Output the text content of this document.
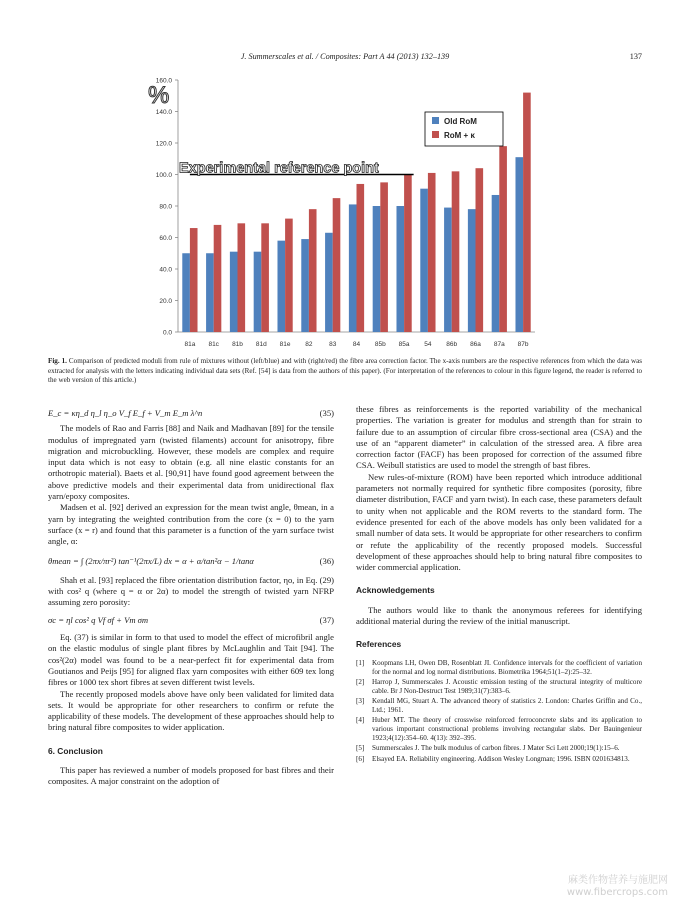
J. Summerscales et al. / Composites: Part A 44 (2013) 132–139	137
0.0
20.0
40.0
60.0
80.0
100.0
120.0
140.0
160.0
%
81a 81c 81b 81d 81e 82	83	84 85b 85a 54 86b 86a 87a 87b
Experimental reference point
Old RoM
RoM + κ
Fig. 1. Comparison of predicted moduli from rule of mixtures without (left/blue) and with (right/red) the fibre area correction factor. The x-axis numbers are the respective references from which the data was extracted for analysis with the letters indicating individual data sets (Ref. [54] is data from the authors of this paper). (For interpretation of the references to colour in this figure legend, the reader is referred to the web version of this article.)
E_c = κη_d η_l η_o V_f E_f + V_m E_m λ^n	(35)

The models of Rao and Farris [88] and Naik and Madhavan [89] for the tensile modulus of impregnated yarn (twisted filaments) account for anisotropy, fibre migration and microbuckling. However, these models are complex and require input data which is not easy to obtain (e.g. all nine elastic constants for an orthotropic material). Baets et al. [90,91] have found good agreement between the above predictive models and their experimental data from unidirectional flax yarn/epoxy composites.

Madsen et al. [92] derived an expression for the mean twist angle, θmean, in a yarn by integrating the weighted contribution from the core (x = 0) to the yarn surface (x = r) and found that this parameter is a function of the yarn surface twist angle, α:

θmean = ∫ (2πx/πr²) tan⁻¹(2πx/L) dx = α + α/tan²α − 1/tanα	(36)

Shah et al. [93] replaced the fibre orientation distribution factor, ηo, in Eq. (29) with cos² q (where q = α or 2α) to model the strength of twisted yarn NFRP assuming zero porosity:

σc = ηl cos² q Vf σf + Vm σm	(37)

Eq. (37) is similar in form to that used to model the effect of microfibril angle on the elastic modulus of single plant fibres by McLaughlin and Tait [94]. The cos²(2α) model was found to be a near-perfect fit for experimental data from Goutianos and Peijs [95] for aligned flax yarn composites with either 609 tex long fibres or 1000 tex short fibres at seven different twist levels.

The recently proposed models above have only been validated for limited data sets. It would be appropriate for other researchers to confirm or refute the applicability of these models. The development of these approaches should help to bring natural fibre composites to wider application.

6. Conclusion

This paper has reviewed a number of models proposed for bast fibres and their composites. A major constraint on the adoption of

these fibres as reinforcements is the reported variability of the mechanical properties. The variation is greater for modulus and strength than for strain to failure due to an assumption of circular fibre cross-sectional area (CSA) and the use of an “apparent diameter” in calculation of the stressed area. A fibre area correction factor (FACF) has been proposed for correction of the assumed fibre CSA. Weibull statistics are used to model the strength of bast fibres.

New rules-of-mixture (ROM) have been reported which introduce additional parameters not normally required for synthetic fibre composites (porosity, fibre diameter distribution, FACF and yarn twist). In each case, these parameters default to unity when not applicable and the ROM reverts to the standard form. The evidence presented for each of the above models has only been validated for a small number of data sets. It would be appropriate for other researchers to confirm or refute the applicability of the recently proposed models. Successful development of these approaches should help to bring natural fibre composites to wider commercial application.

Acknowledgements

The authors would like to thank the anonymous referees for identifying additional material during the review of the initial manuscript.

References
[1]	Koopmans LH, Owen DB, Rosenblatt JI. Confidence intervals for the coefficient of variation for the normal and log normal distributions. Biometrika 1964;51(1–2):25–32.
[2]	Harrop J, Summerscales J. Acoustic emission testing of the structural integrity of multicore cable. Br J Non-Destruct Test 1989;31(7):383–6.
[3]	Kendall MG, Stuart A. The advanced theory of statistics 2. London: Charles Griffin and Co., Ltd.; 1961.
[4]	Huber MT. The theory of crosswise reinforced ferroconcrete slabs and its application to various important constructional problems involving rectangular slabs. Der Bauingenieur 1923;4(12):354–60. 4(13): 392–395.
[5]	Summerscales J. The bulk modulus of carbon fibres. J Mater Sci Lett 2000;19(1):15–6.
[6]	Elsayed EA. Reliability engineering. Addison Wesley Longman; 1996. ISBN 0201634813.
麻类作物营养与施肥网
www.fibercrops.com
